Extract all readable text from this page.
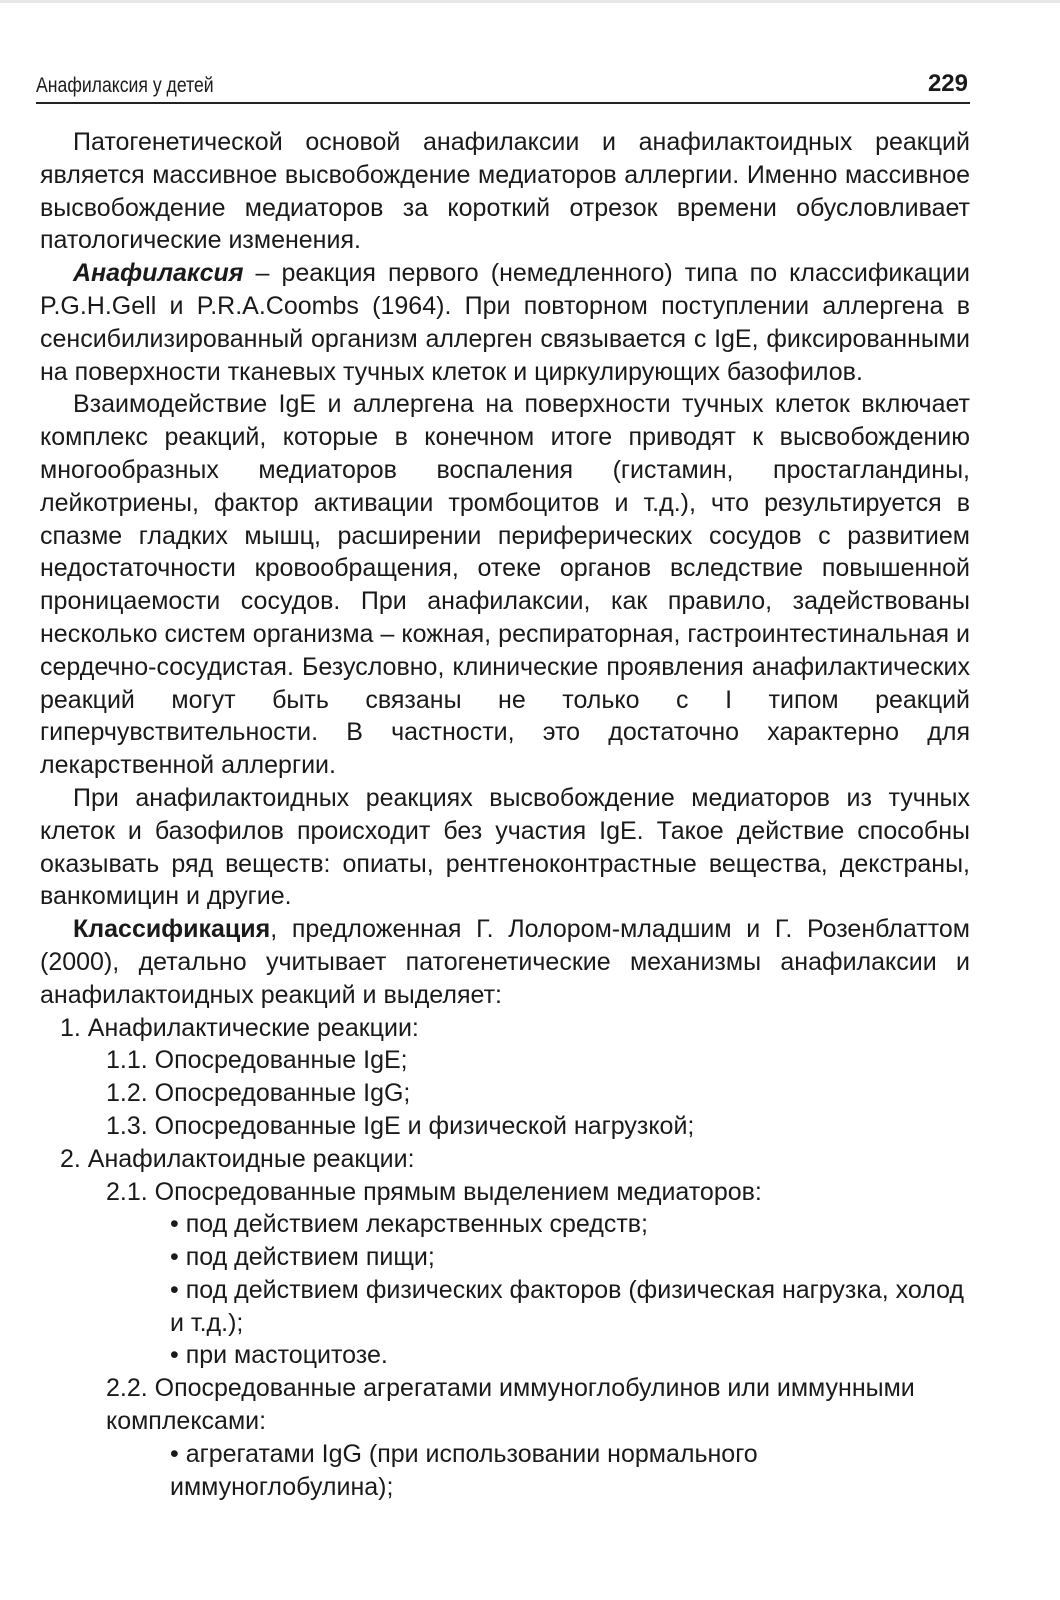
Анафилаксия у детей	229

Патогенетической основой анафилаксии и анафилактоидных реакций является массивное высвобождение медиаторов аллергии. Именно массивное высвобождение медиаторов за короткий отрезок времени обусловливает патологические изменения.

Анафилаксия – реакция первого (немедленного) типа по классификации P.G.H.Gell и P.R.A.Coombs (1964). При повторном поступлении аллергена в сенсибилизированный организм аллерген связывается с IgE, фиксированными на поверхности тканевых тучных клеток и циркулирующих базофилов.

Взаимодействие IgE и аллергена на поверхности тучных клеток включает комплекс реакций, которые в конечном итоге приводят к высвобождению многообразных медиаторов воспаления (гистамин, простагландины, лейкотриены, фактор активации тромбоцитов и т.д.), что результируется в спазме гладких мышц, расширении периферических сосудов с развитием недостаточности кровообращения, отеке органов вследствие повышенной проницаемости сосудов. При анафилаксии, как правило, задействованы несколько систем организма – кожная, респираторная, гастроинтестинальная и сердечно-сосудистая. Безусловно, клинические проявления анафилактических реакций могут быть связаны не только с I типом реакций гиперчувствительности. В частности, это достаточно характерно для лекарственной аллергии.

При анафилактоидных реакциях высвобождение медиаторов из тучных клеток и базофилов происходит без участия IgE. Такое действие способны оказывать ряд веществ: опиаты, рентгеноконтрастные вещества, декстраны, ванкомицин и другие.

Классификация, предложенная Г. Лолором-младшим и Г. Розенблаттом (2000), детально учитывает патогенетические механизмы анафилаксии и анафилактоидных реакций и выделяет:

1. Анафилактические реакции:
1.1. Опосредованные IgE;
1.2. Опосредованные IgG;
1.3. Опосредованные IgE и физической нагрузкой;
2. Анафилактоидные реакции:
2.1. Опосредованные прямым выделением медиаторов:
• под действием лекарственных средств;
• под действием пищи;
• под действием физических факторов (физическая нагрузка, холод и т.д.);
• при мастоцитозе.
2.2. Опосредованные агрегатами иммуноглобулинов или иммунными комплексами:
• агрегатами IgG (при использовании нормального иммуноглобулина);
